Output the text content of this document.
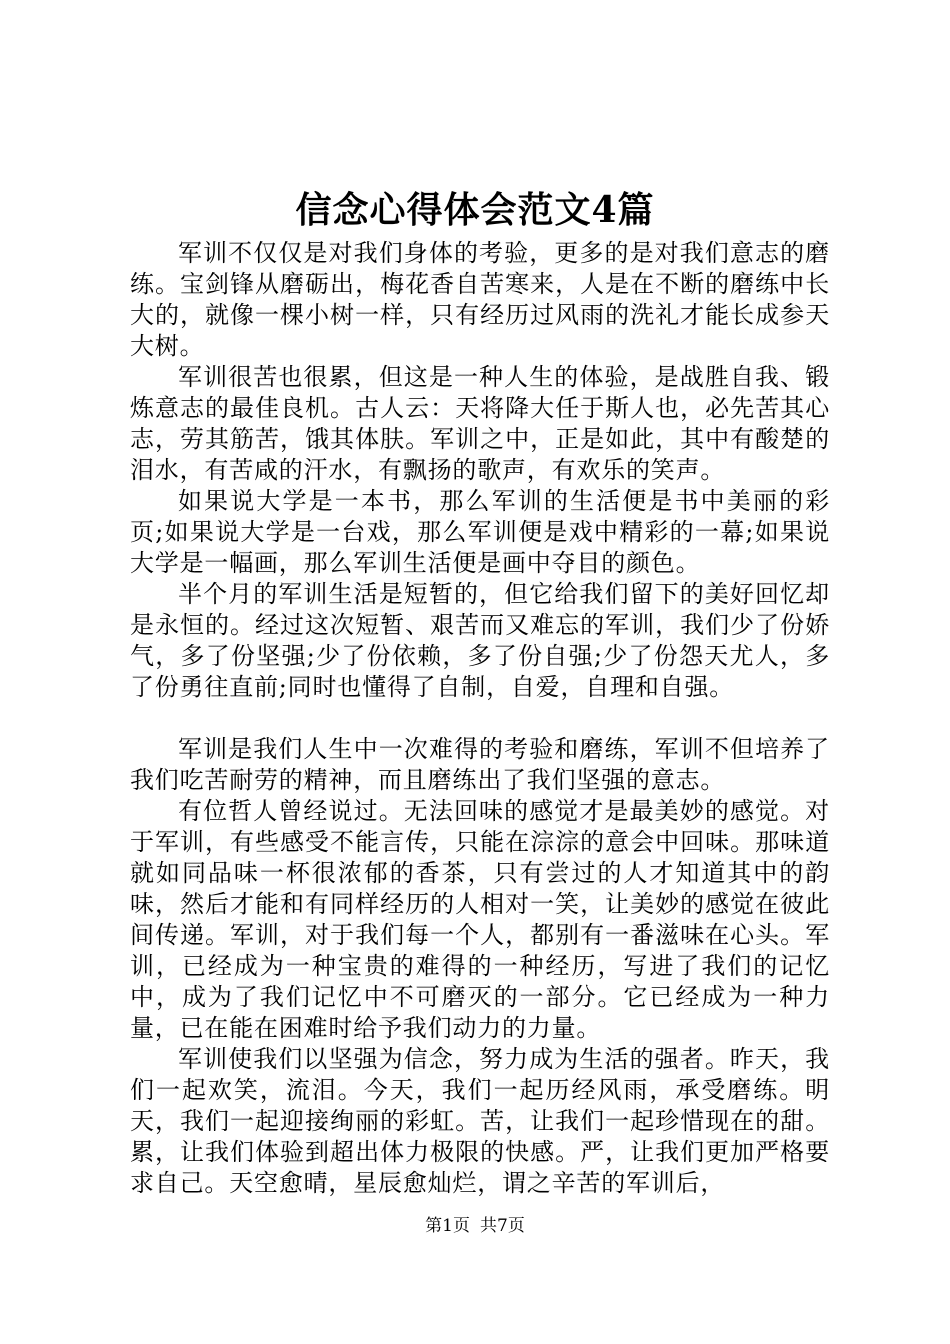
信念心得体会范文4篇

军训不仅仅是对我们身体的考验，更多的是对我们意志的磨练。宝剑锋从磨砺出，梅花香自苦寒来，人是在不断的磨练中长大的，就像一棵小树一样，只有经历过风雨的洗礼才能长成参天大树。

军训很苦也很累，但这是一种人生的体验，是战胜自我、锻炼意志的最佳良机。古人云：天将降大任于斯人也，必先苦其心志，劳其筋苦，饿其体肤。军训之中，正是如此，其中有酸楚的泪水，有苦咸的汗水，有飘扬的歌声，有欢乐的笑声。

如果说大学是一本书，那么军训的生活便是书中美丽的彩页;如果说大学是一台戏，那么军训便是戏中精彩的一幕;如果说大学是一幅画，那么军训生活便是画中夺目的颜色。

半个月的军训生活是短暂的，但它给我们留下的美好回忆却是永恒的。经过这次短暂、艰苦而又难忘的军训，我们少了份娇气，多了份坚强;少了份依赖，多了份自强;少了份怨天尤人，多了份勇往直前;同时也懂得了自制，自爱，自理和自强。

军训是我们人生中一次难得的考验和磨练，军训不但培养了我们吃苦耐劳的精神，而且磨练出了我们坚强的意志。

有位哲人曾经说过。无法回味的感觉才是最美妙的感觉。对于军训，有些感受不能言传，只能在淙淙的意会中回味。那味道就如同品味一杯很浓郁的香茶，只有尝过的人才知道其中的韵味，然后才能和有同样经历的人相对一笑，让美妙的感觉在彼此间传递。军训，对于我们每一个人，都别有一番滋味在心头。军训，已经成为一种宝贵的难得的一种经历，写进了我们的记忆中，成为了我们记忆中不可磨灭的一部分。它已经成为一种力量，已在能在困难时给予我们动力的力量。

军训使我们以坚强为信念，努力成为生活的强者。昨天，我们一起欢笑，流泪。今天，我们一起历经风雨，承受磨练。明天，我们一起迎接绚丽的彩虹。苦，让我们一起珍惜现在的甜。累，让我们体验到超出体力极限的快感。严，让我们更加严格要求自己。天空愈晴，星辰愈灿烂，谓之辛苦的军训后，

第1页 共7页
